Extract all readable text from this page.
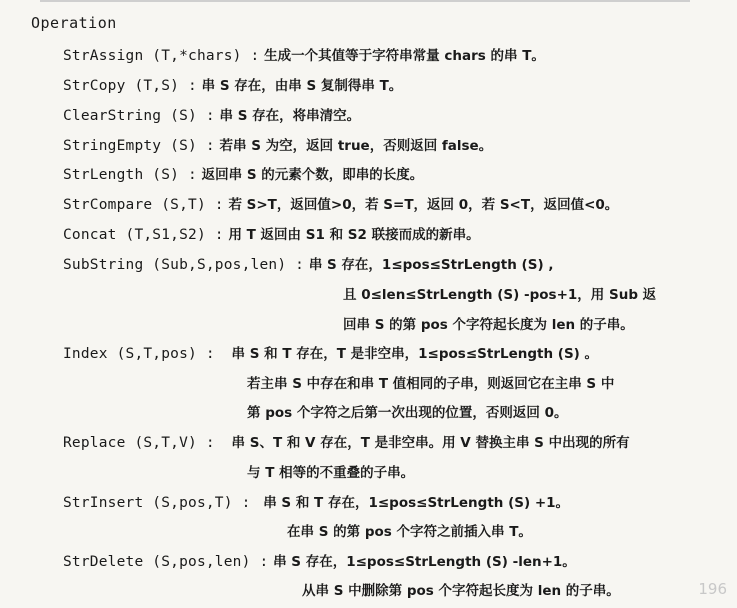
Operation
StrAssign (T,*chars) : 生成一个其值等于字符串常量 chars 的串 T。
StrCopy (T,S) : 串 S 存在，由串 S 复制得串 T。
ClearString (S) : 串 S 存在，将串清空。
StringEmpty (S) : 若串 S 为空，返回 true，否则返回 false。
StrLength (S) : 返回串 S 的元素个数，即串的长度。
StrCompare (S,T) : 若 S>T，返回值>0，若 S=T，返回 0，若 S<T，返回值<0。
Concat (T,S1,S2) : 用 T 返回由 S1 和 S2 联接而成的新串。
SubString (Sub,S,pos,len) : 串 S 存在，1≤pos≤StrLength (S) ,
且 0≤len≤StrLength (S) -pos+1，用 Sub 返
回串 S 的第 pos 个字符起长度为 len 的子串。
Index (S,T,pos) : 串 S 和 T 存在，T 是非空串，1≤pos≤StrLength (S) 。
若主串 S 中存在和串 T 值相同的子串，则返回它在主串 S 中
第 pos 个字符之后第一次出现的位置，否则返回 0。
Replace (S,T,V) : 串 S、T 和 V 存在，T 是非空串。用 V 替换主串 S 中出现的所有
与 T 相等的不重叠的子串。
StrInsert (S,pos,T) : 串 S 和 T 存在，1≤pos≤StrLength (S) +1。
在串 S 的第 pos 个字符之前插入串 T。
StrDelete (S,pos,len) : 串 S 存在，1≤pos≤StrLength (S) -len+1。
从串 S 中删除第 pos 个字符起长度为 len 的子串。	196
